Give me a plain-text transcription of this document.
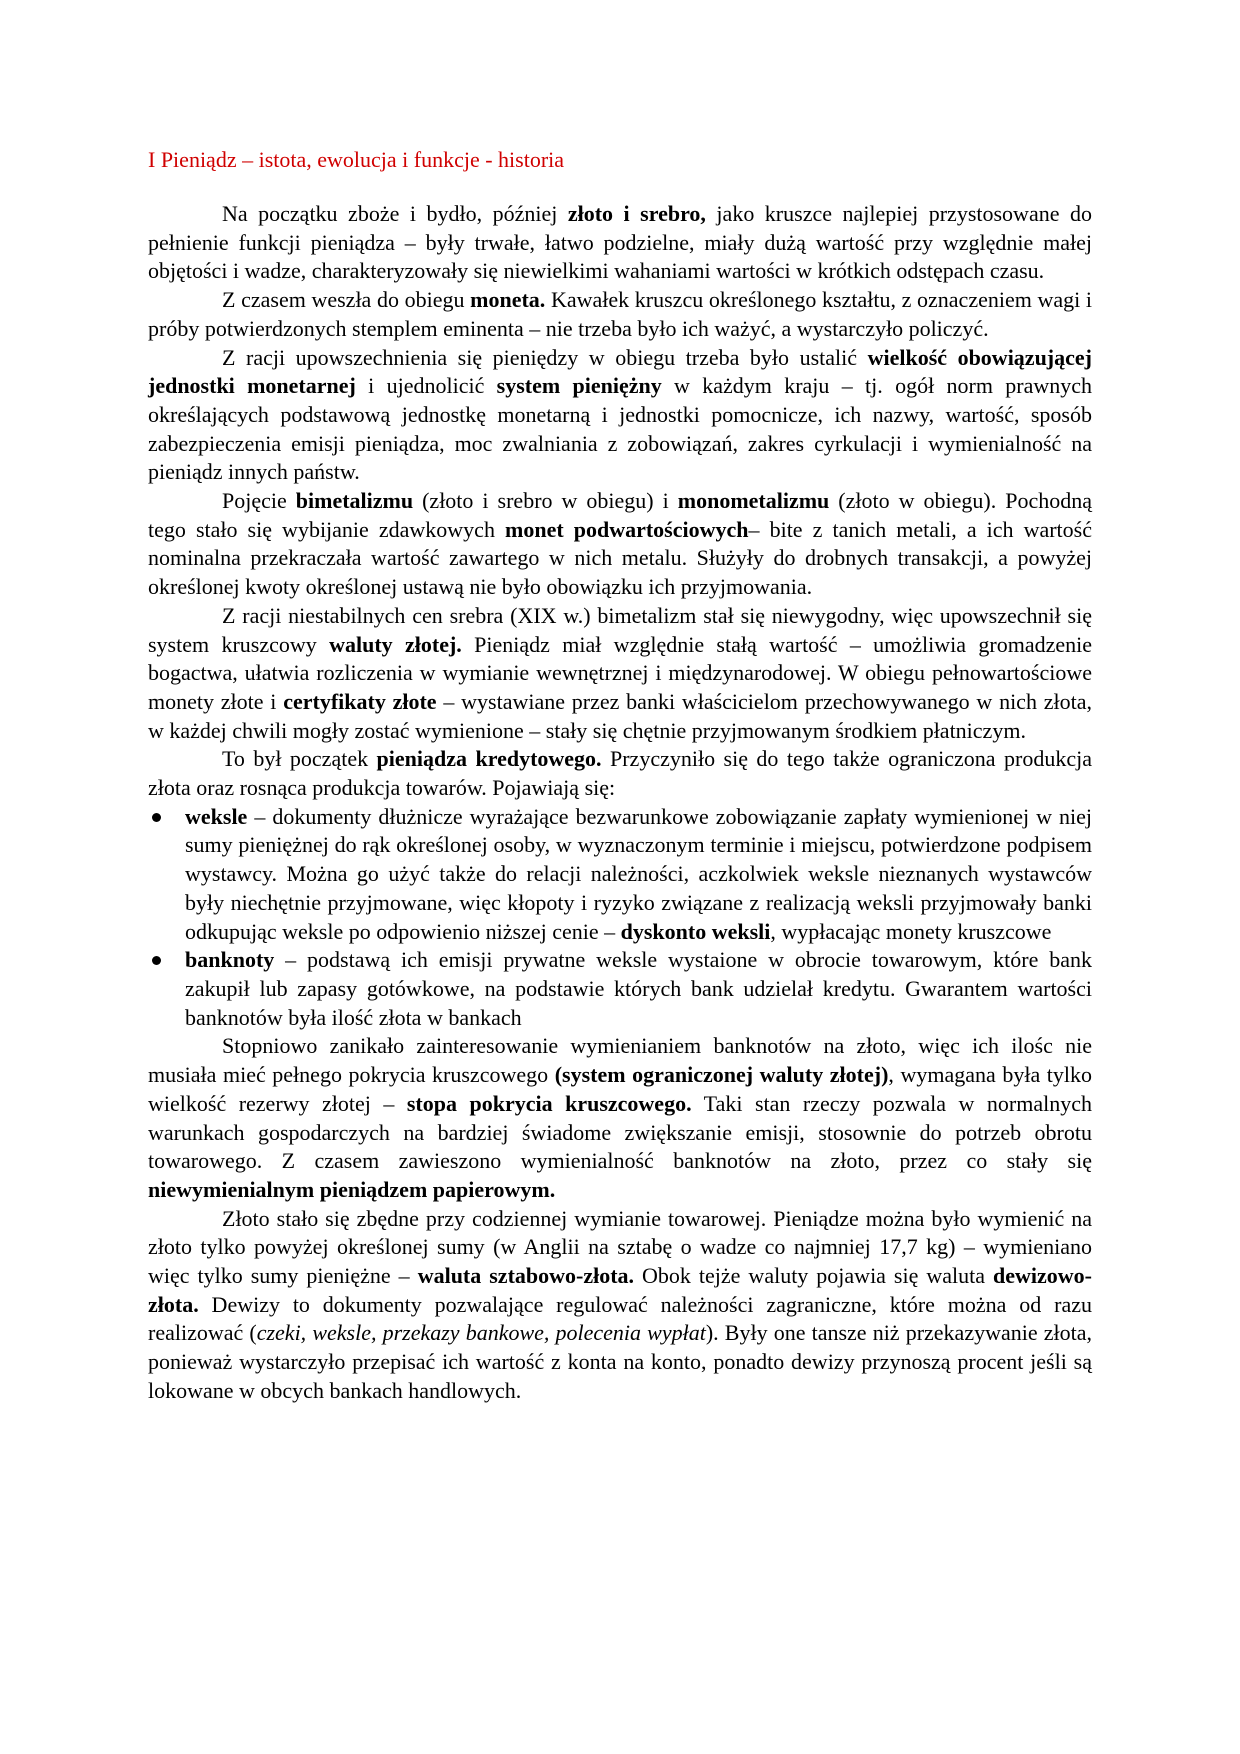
I Pieniądz – istota, ewolucja i funkcje - historia

Na początku zboże i bydło, później złoto i srebro, jako kruszce najlepiej przystosowane do pełnienie funkcji pieniądza – były trwałe, łatwo podzielne, miały dużą wartość przy względnie małej objętości i wadze, charakteryzowały się niewielkimi wahaniami wartości w krótkich odstępach czasu.

Z czasem weszła do obiegu moneta. Kawałek kruszcu określonego kształtu, z oznaczeniem wagi i próby potwierdzonych stemplem eminenta – nie trzeba było ich ważyć, a wystarczyło policzyć.

Z racji upowszechnienia się pieniędzy w obiegu trzeba było ustalić wielkość obowiązującej jednostki monetarnej i ujednolicić system pieniężny w każdym kraju – tj. ogół norm prawnych określających podstawową jednostkę monetarną i jednostki pomocnicze, ich nazwy, wartość, sposób zabezpieczenia emisji pieniądza, moc zwalniania z zobowiązań, zakres cyrkulacji i wymienialność na pieniądz innych państw.

Pojęcie bimetalizmu (złoto i srebro w obiegu) i monometalizmu (złoto w obiegu). Pochodną tego stało się wybijanie zdawkowych monet podwartościowych– bite z tanich metali, a ich wartość nominalna przekraczała wartość zawartego w nich metalu. Służyły do drobnych transakcji, a powyżej określonej kwoty określonej ustawą nie było obowiązku ich przyjmowania.

Z racji niestabilnych cen srebra (XIX w.) bimetalizm stał się niewygodny, więc upowszechnił się system kruszcowy waluty złotej. Pieniądz miał względnie stałą wartość – umożliwia gromadzenie bogactwa, ułatwia rozliczenia w wymianie wewnętrznej i międzynarodowej. W obiegu pełnowartościowe monety złote i certyfikaty złote – wystawiane przez banki właścicielom przechowywanego w nich złota, w każdej chwili mogły zostać wymienione – stały się chętnie przyjmowanym środkiem płatniczym.

To był początek pieniądza kredytowego. Przyczyniło się do tego także ograniczona produkcja złota oraz rosnąca produkcja towarów. Pojawiają się:

weksle – dokumenty dłużnicze wyrażające bezwarunkowe zobowiązanie zapłaty wymienionej w niej sumy pieniężnej do rąk określonej osoby, w wyznaczonym terminie i miejscu, potwierdzone podpisem wystawcy. Można go użyć także do relacji należności, aczkolwiek weksle nieznanych wystawców były niechętnie przyjmowane, więc kłopoty i ryzyko związane z realizacją weksli przyjmowały banki odkupując weksle po odpowienio niższej cenie – dyskonto weksli, wypłacając monety kruszcowe
banknoty – podstawą ich emisji prywatne weksle wystaione w obrocie towarowym, które bank zakupił lub zapasy gotówkowe, na podstawie których bank udzielał kredytu. Gwarantem wartości banknotów była ilość złota w bankach

Stopniowo zanikało zainteresowanie wymienianiem banknotów na złoto, więc ich ilośc nie musiała mieć pełnego pokrycia kruszcowego (system ograniczonej waluty złotej), wymagana była tylko wielkość rezerwy złotej – stopa pokrycia kruszcowego. Taki stan rzeczy pozwala w normalnych warunkach gospodarczych na bardziej świadome zwiększanie emisji, stosownie do potrzeb obrotu towarowego. Z czasem zawieszono wymienialność banknotów na złoto, przez co stały się niewymienialnym pieniądzem papierowym.

Złoto stało się zbędne przy codziennej wymianie towarowej. Pieniądze można było wymienić na złoto tylko powyżej określonej sumy (w Anglii na sztabę o wadze co najmniej 17,7 kg) – wymieniano więc tylko sumy pieniężne – waluta sztabowo-złota. Obok tejże waluty pojawia się waluta dewizowo-złota. Dewizy to dokumenty pozwalające regulować należności zagraniczne, które można od razu realizować (czeki, weksle, przekazy bankowe, polecenia wypłat). Były one tansze niż przekazywanie złota, ponieważ wystarczyło przepisać ich wartość z konta na konto, ponadto dewizy przynoszą procent jeśli są lokowane w obcych bankach handlowych.
